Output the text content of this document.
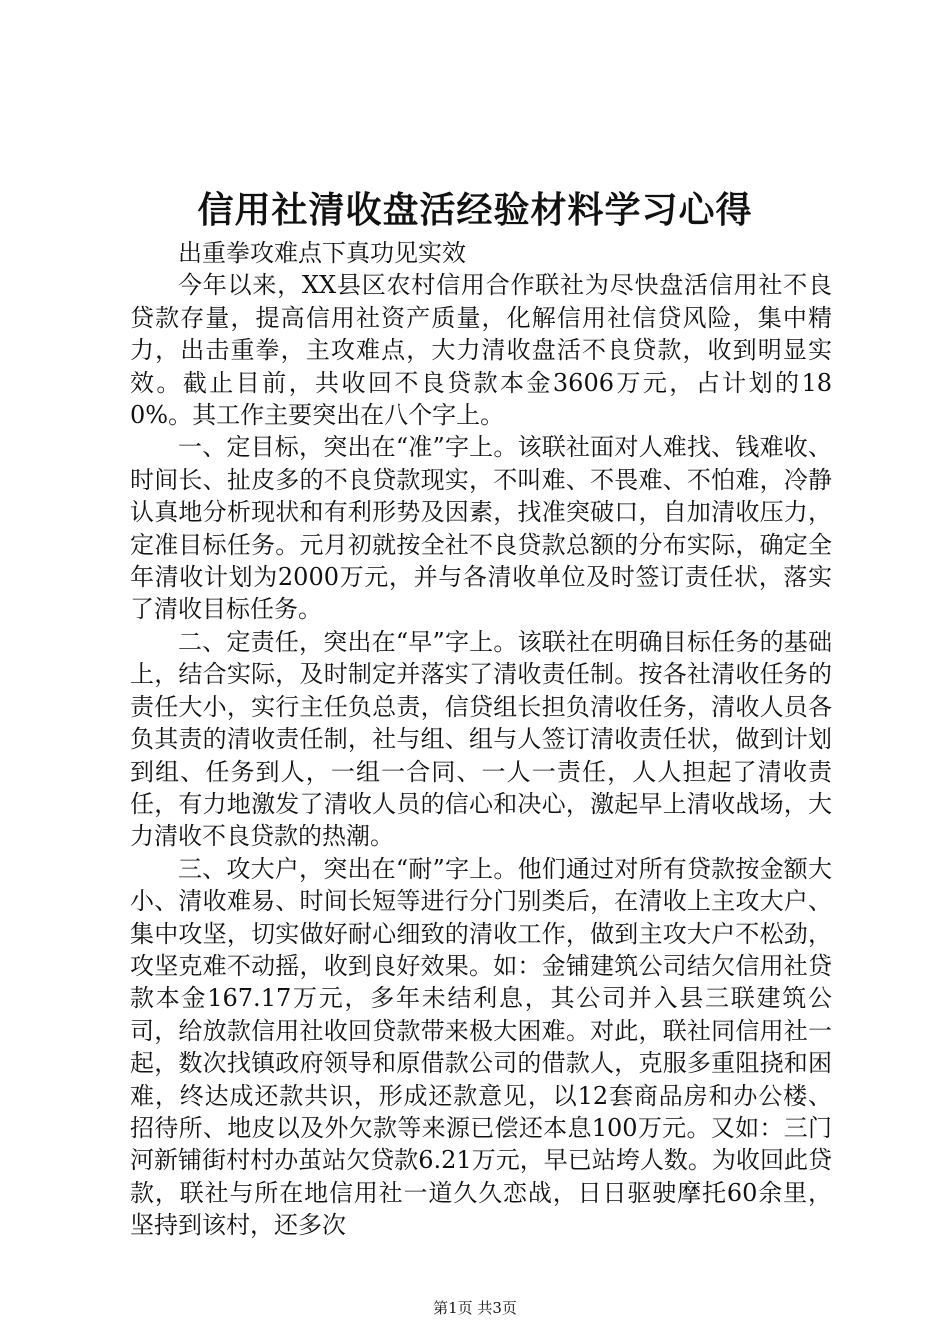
信用社清收盘活经验材料学习心得

出重拳攻难点下真功见实效

今年以来，XX县区农村信用合作联社为尽快盘活信用社不良贷款存量，提高信用社资产质量，化解信用社信贷风险，集中精力，出击重拳，主攻难点，大力清收盘活不良贷款，收到明显实效。截止目前，共收回不良贷款本金3606万元，占计划的180%。其工作主要突出在八个字上。

一、定目标，突出在“准”字上。该联社面对人难找、钱难收、时间长、扯皮多的不良贷款现实，不叫难、不畏难、不怕难，冷静认真地分析现状和有利形势及因素，找准突破口，自加清收压力，定准目标任务。元月初就按全社不良贷款总额的分布实际，确定全年清收计划为2000万元，并与各清收单位及时签订责任状，落实了清收目标任务。

二、定责任，突出在“早”字上。该联社在明确目标任务的基础上，结合实际，及时制定并落实了清收责任制。按各社清收任务的责任大小，实行主任负总责，信贷组长担负清收任务，清收人员各负其责的清收责任制，社与组、组与人签订清收责任状，做到计划到组、任务到人，一组一合同、一人一责任，人人担起了清收责任，有力地激发了清收人员的信心和决心，激起早上清收战场，大力清收不良贷款的热潮。

三、攻大户，突出在“耐”字上。他们通过对所有贷款按金额大小、清收难易、时间长短等进行分门别类后，在清收上主攻大户、集中攻坚，切实做好耐心细致的清收工作，做到主攻大户不松劲，攻坚克难不动摇，收到良好效果。如：金铺建筑公司结欠信用社贷款本金167.17万元，多年未结利息，其公司并入县三联建筑公司，给放款信用社收回贷款带来极大困难。对此，联社同信用社一起，数次找镇政府领导和原借款公司的借款人，克服多重阻挠和困难，终达成还款共识，形成还款意见，以12套商品房和办公楼、招待所、地皮以及外欠款等来源已偿还本息100万元。又如：三门河新铺街村村办茧站欠贷款6.21万元，早已站垮人数。为收回此贷款，联社与所在地信用社一道久久恋战，日日驱驶摩托60余里，坚持到该村，还多次

第1页 共3页
